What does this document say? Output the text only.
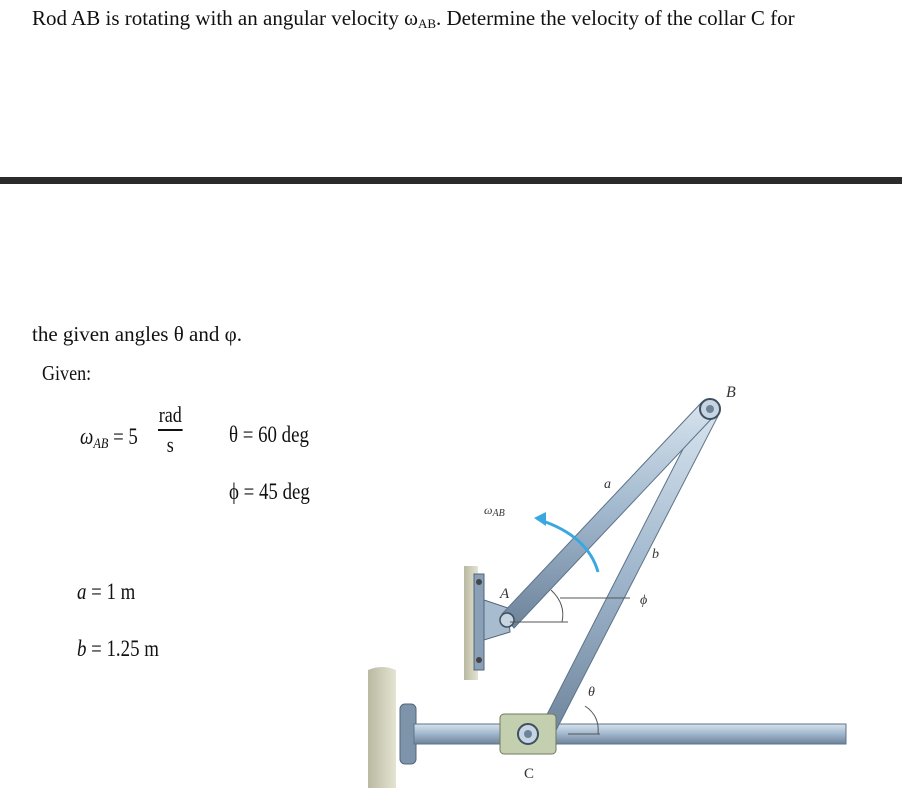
Rod AB is rotating with an angular velocity $\omega_{AB}$. Determine the velocity of the collar C for
the given angles θ and φ.
Given:
ωAB = 5
rad
s	θ = 60 deg
ϕ = 45 deg
a = 1 m
b = 1.25 m
B
A
C
a
b
ωAB
ϕ
θ
